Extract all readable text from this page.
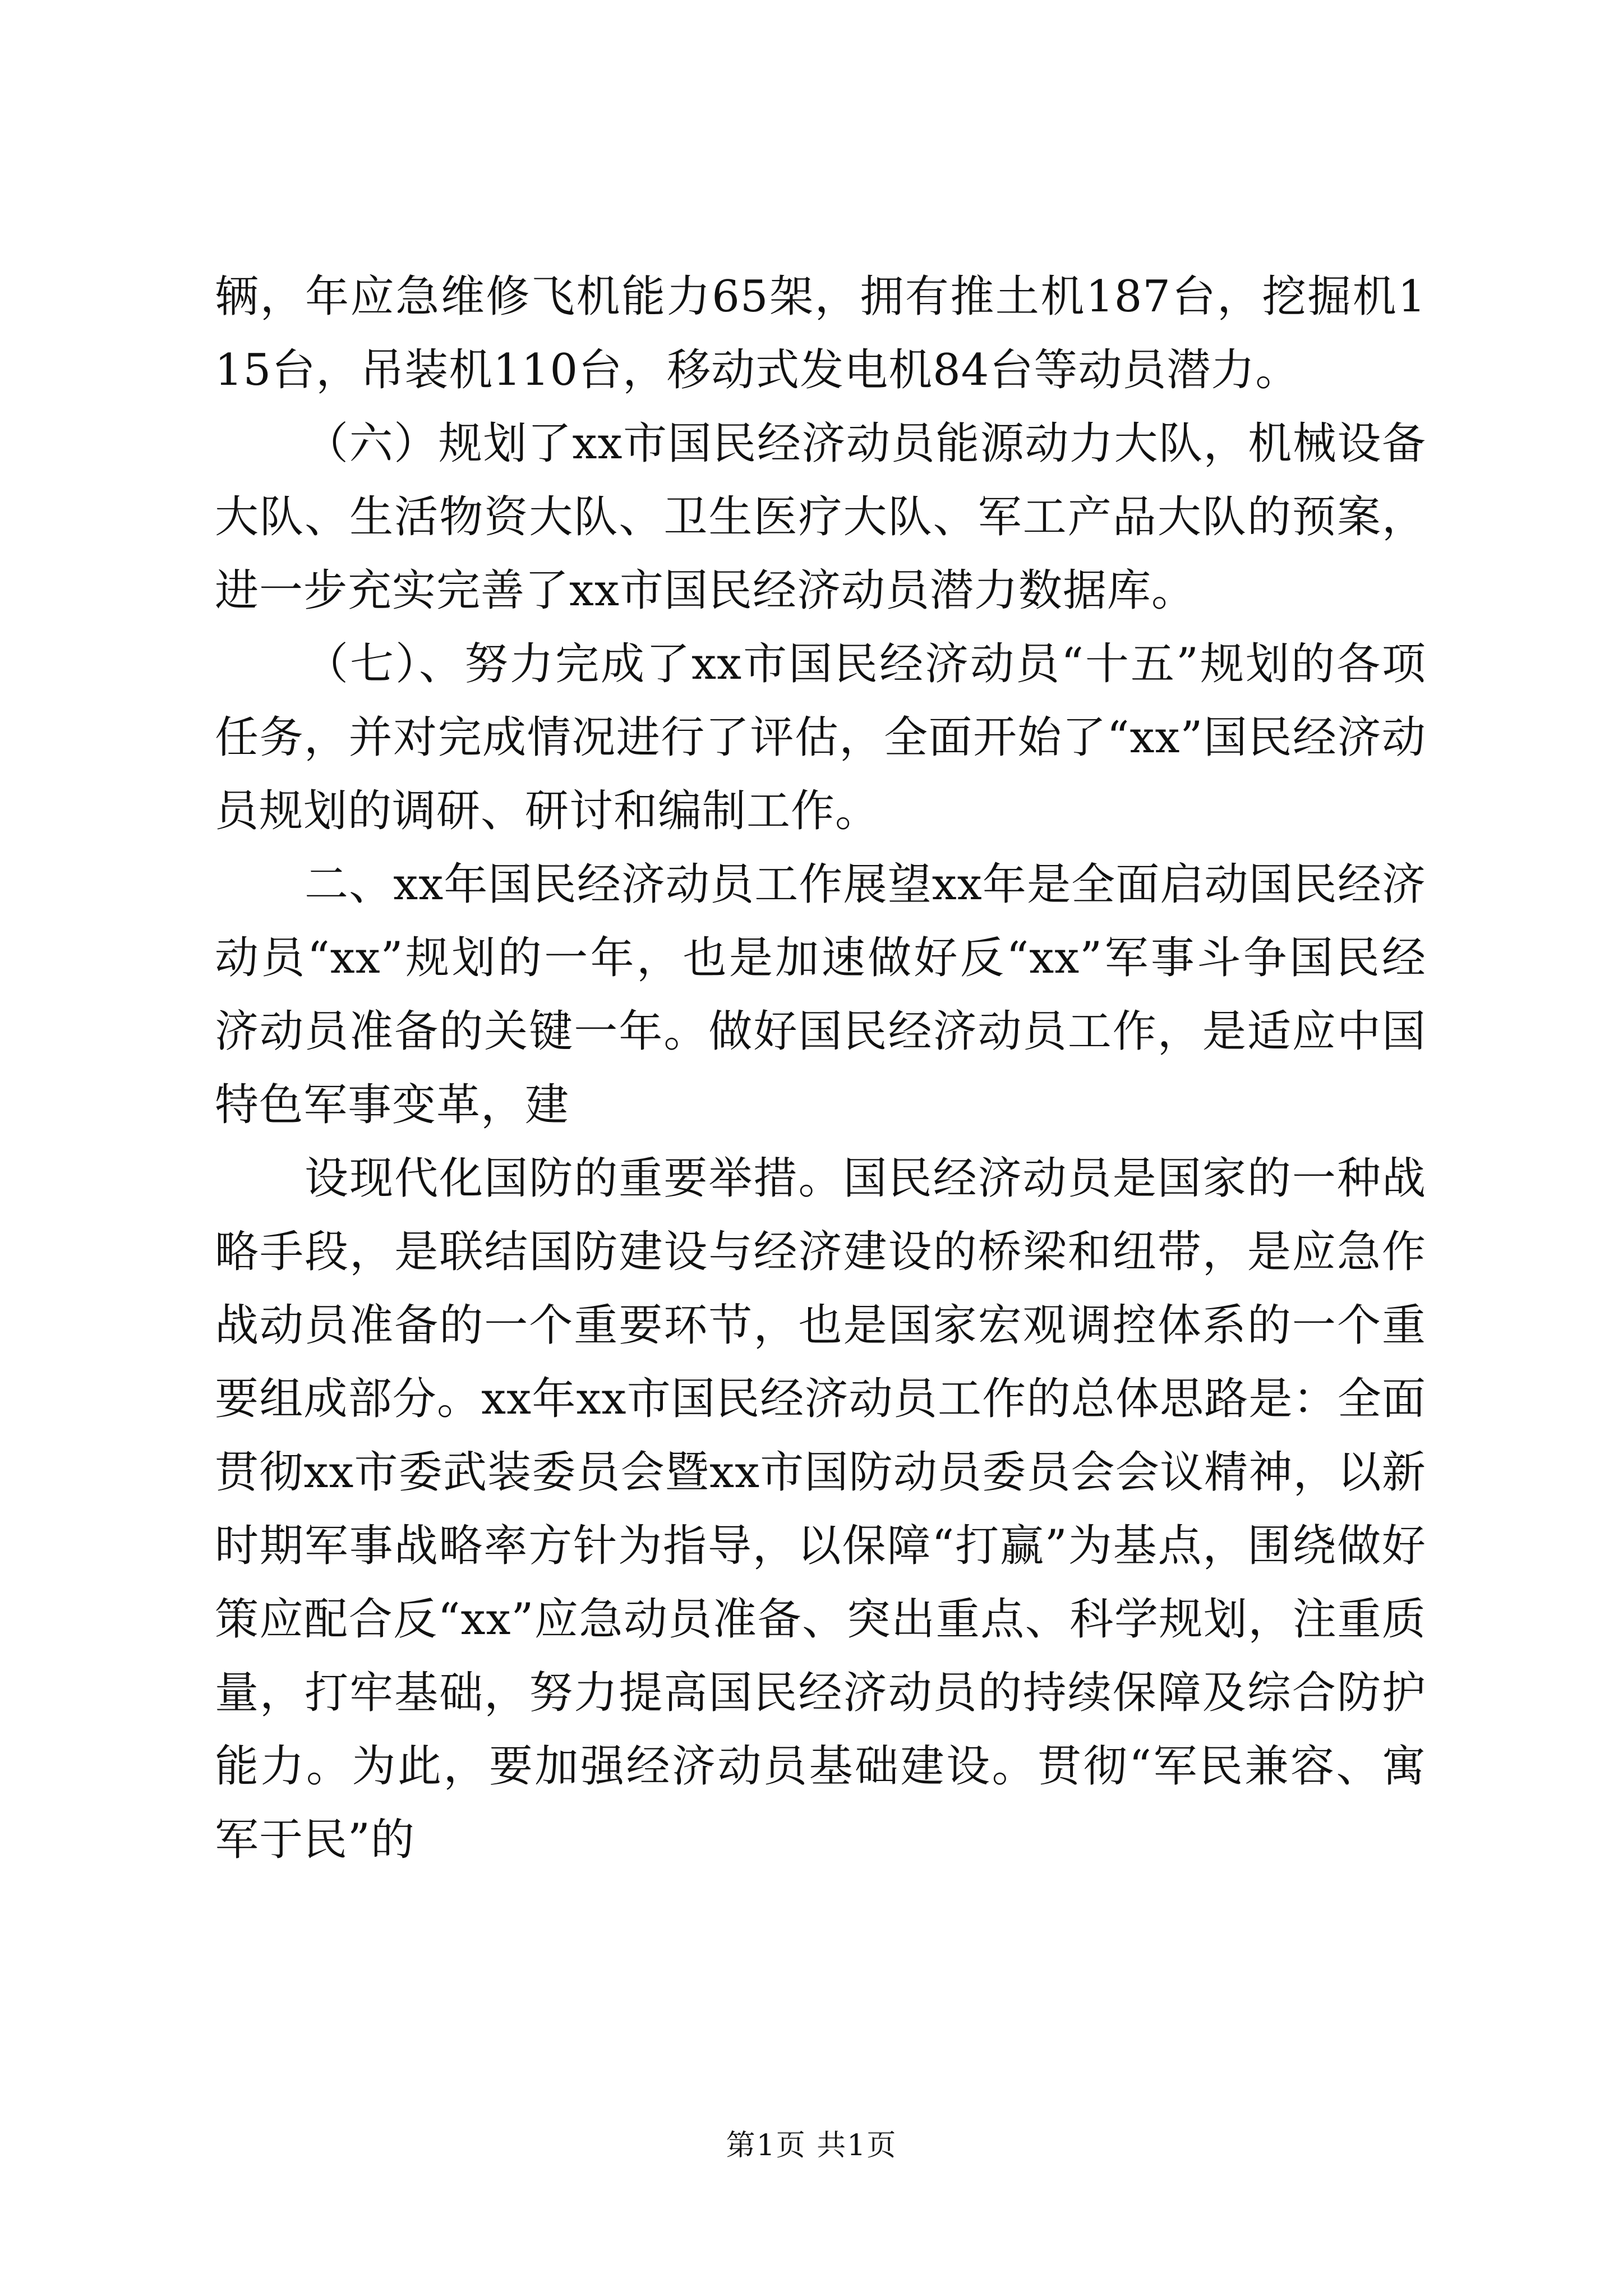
辆，年应急维修飞机能力65架，拥有推土机187台，挖掘机115台，吊装机110台，移动式发电机84台等动员潜力。

（六）规划了xx市国民经济动员能源动力大队，机械设备大队、生活物资大队、卫生医疗大队、军工产品大队的预案，进一步充实完善了xx市国民经济动员潜力数据库。

（七）、努力完成了xx市国民经济动员“十五”规划的各项任务，并对完成情况进行了评估，全面开始了“xx”国民经济动员规划的调研、研讨和编制工作。

二、xx年国民经济动员工作展望xx年是全面启动国民经济动员“xx”规划的一年，也是加速做好反“xx”军事斗争国民经济动员准备的关键一年。做好国民经济动员工作，是适应中国特色军事变革，建

设现代化国防的重要举措。国民经济动员是国家的一种战略手段，是联结国防建设与经济建设的桥梁和纽带，是应急作战动员准备的一个重要环节，也是国家宏观调控体系的一个重要组成部分。xx年xx市国民经济动员工作的总体思路是：全面贯彻xx市委武装委员会暨xx市国防动员委员会会议精神，以新时期军事战略率方针为指导，以保障“打赢”为基点，围绕做好策应配合反“xx”应急动员准备、突出重点、科学规划，注重质量，打牢基础，努力提高国民经济动员的持续保障及综合防护能力。为此，要加强经济动员基础建设。贯彻“军民兼容、寓军于民”的

第1页 共1页
